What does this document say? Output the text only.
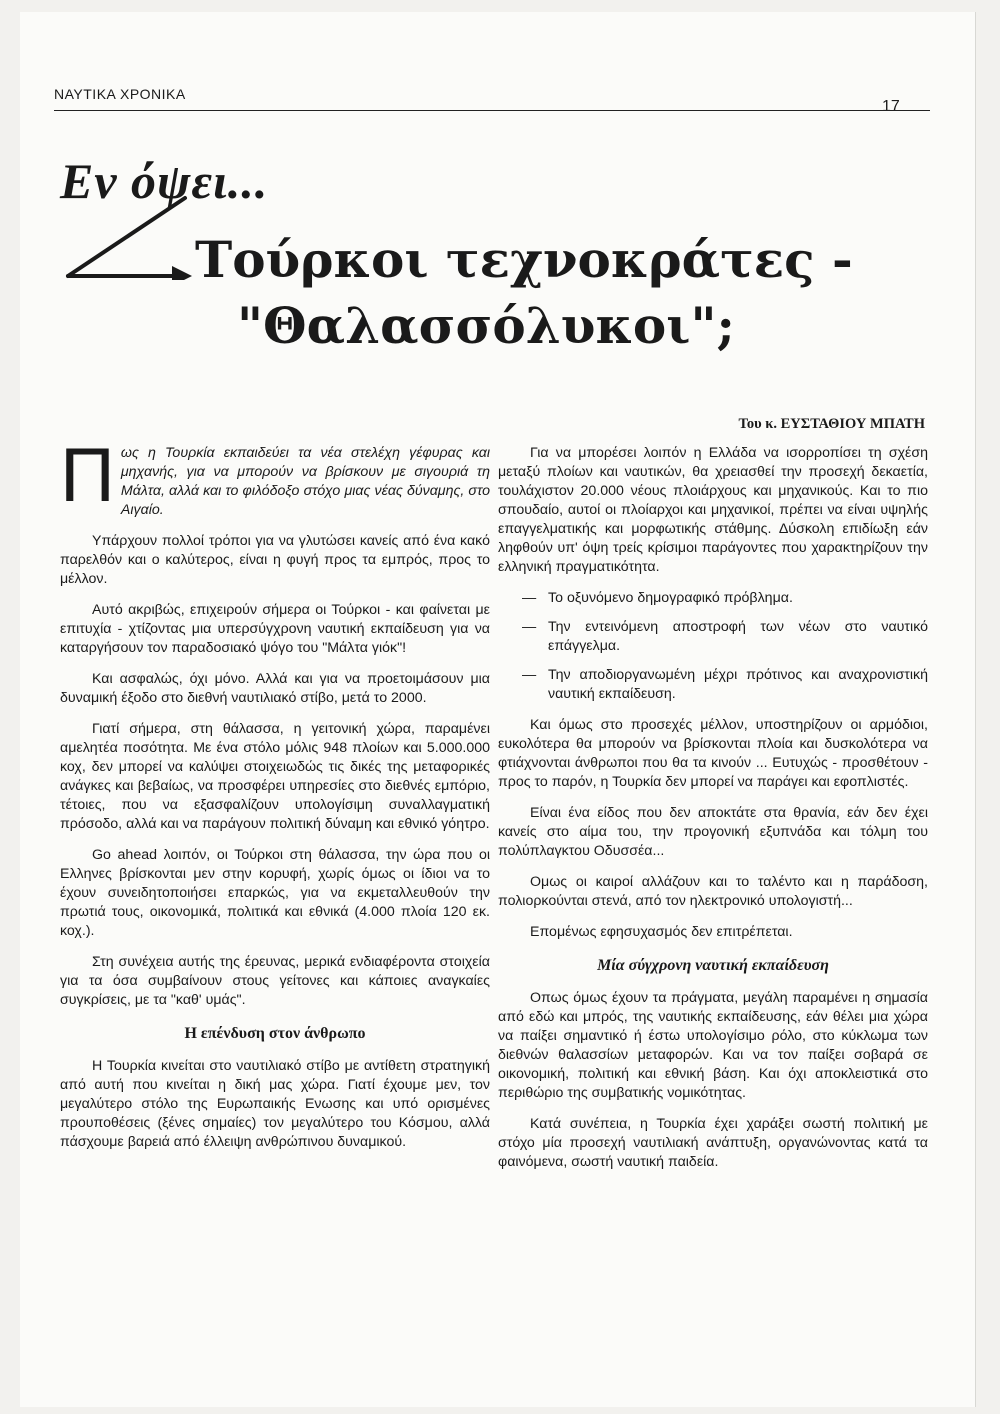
ΝΑΥΤΙΚΑ ΧΡΟΝΙΚΑ
17
Εν όψει...
Τούρκοι τεχνοκράτες -
"Θαλασσόλυκοι";
Του κ. ΕΥΣΤΑΘΙΟΥ ΜΠΑΤΗ

Πως η Τουρκία εκπαιδεύει τα νέα στελέχη γέφυρας και μηχανής, για να μπορούν να βρίσκουν με σιγουριά τη Μάλτα, αλλά και το φιλόδοξο στόχο μιας νέας δύναμης, στο Αιγαίο.

Υπάρχουν πολλοί τρόποι για να γλυτώσει κανείς από ένα κακό παρελθόν και ο καλύτερος, είναι η φυγή προς τα εμπρός, προς το μέλλον.

Αυτό ακριβώς, επιχειρούν σήμερα οι Τούρκοι - και φαίνεται με επιτυχία - χτίζοντας μια υπερσύγχρονη ναυτική εκπαίδευση για να καταργήσουν τον παραδοσιακό ψόγο του "Μάλτα γιόκ"!

Και ασφαλώς, όχι μόνο. Αλλά και για να προετοιμάσουν μια δυναμική έξοδο στο διεθνή ναυτιλιακό στίβο, μετά το 2000.

Γιατί σήμερα, στη θάλασσα, η γειτονική χώρα, παραμένει αμελητέα ποσότητα. Με ένα στόλο μόλις 948 πλοίων και 5.000.000 κοχ, δεν μπορεί να καλύψει στοιχειωδώς τις δικές της μεταφορικές ανάγκες και βεβαίως, να προσφέρει υπηρεσίες στο διεθνές εμπόριο, τέτοιες, που να εξασφαλίζουν υπολογίσιμη συναλλαγματική πρόσοδο, αλλά και να παράγουν πολιτική δύναμη και εθνικό γόητρο.

Go ahead λοιπόν, οι Τούρκοι στη θάλασσα, την ώρα που οι Ελληνες βρίσκονται μεν στην κορυφή, χωρίς όμως οι ίδιοι να το έχουν συνειδητοποιήσει επαρκώς, για να εκμεταλλευθούν την πρωτιά τους, οικονομικά, πολιτικά και εθνικά (4.000 πλοία 120 εκ. κοχ.).

Στη συνέχεια αυτής της έρευνας, μερικά ενδιαφέροντα στοιχεία για τα όσα συμβαίνουν στους γείτονες και κάποιες αναγκαίες συγκρίσεις, με τα "καθ' υμάς".

Η επένδυση στον άνθρωπο

Η Τουρκία κινείται στο ναυτιλιακό στίβο με αντίθετη στρατηγική από αυτή που κινείται η δική μας χώρα. Γιατί έχουμε μεν, τον μεγαλύτερο στόλο της Ευρωπαικής Ενωσης και υπό ορισμένες προυποθέσεις (ξένες σημαίες) τον μεγαλύτερο του Κόσμου, αλλά πάσχουμε βαρειά από έλλειψη ανθρώπινου δυναμικού.

Για να μπορέσει λοιπόν η Ελλάδα να ισορροπίσει τη σχέση μεταξύ πλοίων και ναυτικών, θα χρειασθεί την προσεχή δεκαετία, τουλάχιστον 20.000 νέους πλοιάρχους και μηχανικούς. Και το πιο σπουδαίο, αυτοί οι πλοίαρχοι και μηχανικοί, πρέπει να είναι υψηλής επαγγελματικής και μορφωτικής στάθμης. Δύσκολη επιδίωξη εάν ληφθούν υπ' όψη τρείς κρίσιμοι παράγοντες που χαρακτηρίζουν την ελληνική πραγματικότητα.

— Το οξυνόμενο δημογραφικό πρόβλημα.
— Την εντεινόμενη αποστροφή των νέων στο ναυτικό επάγγελμα.
— Την αποδιοργανωμένη μέχρι πρότινος και αναχρονιστική ναυτική εκπαίδευση.

Και όμως στο προσεχές μέλλον, υποστηρίζουν οι αρμόδιοι, ευκολότερα θα μπορούν να βρίσκονται πλοία και δυσκολότερα να φτιάχνονται άνθρωποι που θα τα κινούν ... Ευτυχώς - προσθέτουν - προς το παρόν, η Τουρκία δεν μπορεί να παράγει και εφοπλιστές.

Είναι ένα είδος που δεν αποκτάτε στα θρανία, εάν δεν έχει κανείς στο αίμα του, την προγονική εξυπνάδα και τόλμη του πολύπλαγκτου Οδυσσέα...

Ομως οι καιροί αλλάζουν και το ταλέντο και η παράδοση, πολιορκούνται στενά, από τον ηλεκτρονικό υπολογιστή...

Επομένως εφησυχασμός δεν επιτρέπεται.

Μία σύγχρονη ναυτική εκπαίδευση

Οπως όμως έχουν τα πράγματα, μεγάλη παραμένει η σημασία από εδώ και μπρός, της ναυτικής εκπαίδευσης, εάν θέλει μια χώρα να παίξει σημαντικό ή έστω υπολογίσιμο ρόλο, στο κύκλωμα των διεθνών θαλασσίων μεταφορών. Και να τον παίξει σοβαρά σε οικονομική, πολιτική και εθνική βάση. Και όχι αποκλειστικά στο περιθώριο της συμβατικής νομικότητας.

Κατά συνέπεια, η Τουρκία έχει χαράξει σωστή πολιτική με στόχο μία προσεχή ναυτιλιακή ανάπτυξη, οργανώνοντας κατά τα φαινόμενα, σωστή ναυτική παιδεία.
